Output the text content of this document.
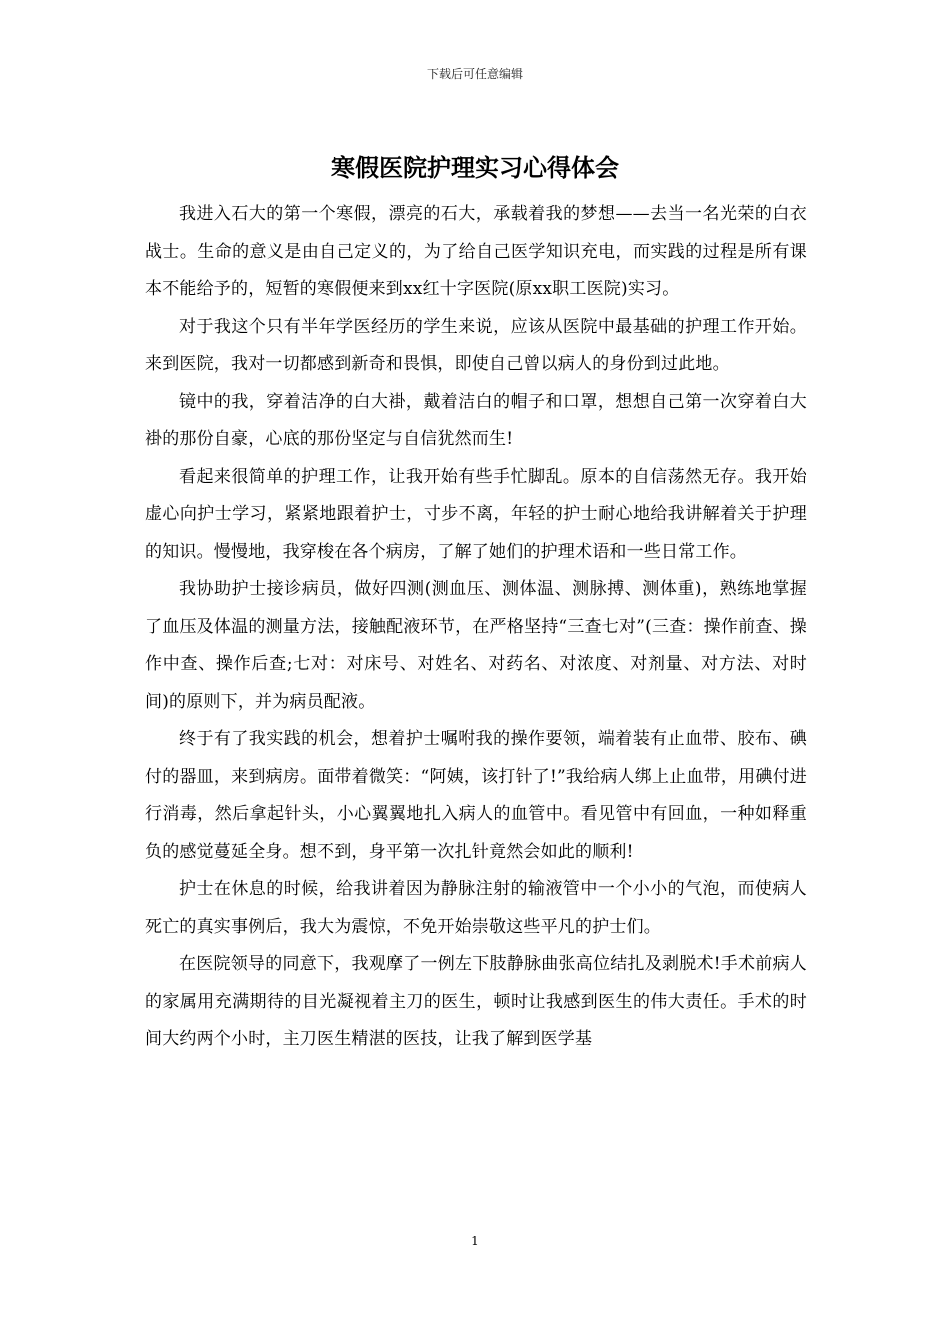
下载后可任意编辑
寒假医院护理实习心得体会

我进入石大的第一个寒假，漂亮的石大，承载着我的梦想——去当一名光荣的白衣战士。生命的意义是由自己定义的，为了给自己医学知识充电，而实践的过程是所有课本不能给予的，短暂的寒假便来到xx红十字医院(原xx职工医院)实习。

对于我这个只有半年学医经历的学生来说，应该从医院中最基础的护理工作开始。来到医院，我对一切都感到新奇和畏惧，即使自己曾以病人的身份到过此地。

镜中的我，穿着洁净的白大褂，戴着洁白的帽子和口罩，想想自己第一次穿着白大褂的那份自豪，心底的那份坚定与自信犹然而生!

看起来很简单的护理工作，让我开始有些手忙脚乱。原本的自信荡然无存。我开始虚心向护士学习，紧紧地跟着护士，寸步不离，年轻的护士耐心地给我讲解着关于护理的知识。慢慢地，我穿梭在各个病房，了解了她们的护理术语和一些日常工作。

我协助护士接诊病员，做好四测(测血压、测体温、测脉搏、测体重)，熟练地掌握了血压及体温的测量方法，接触配液环节，在严格坚持“三查七对”(三查：操作前查、操作中查、操作后查;七对：对床号、对姓名、对药名、对浓度、对剂量、对方法、对时间)的原则下，并为病员配液。

终于有了我实践的机会，想着护士嘱咐我的操作要领，端着装有止血带、胶布、碘付的器皿，来到病房。面带着微笑：“阿姨，该打针了!”我给病人绑上止血带，用碘付进行消毒，然后拿起针头，小心翼翼地扎入病人的血管中。看见管中有回血，一种如释重负的感觉蔓延全身。想不到，身平第一次扎针竟然会如此的顺利!

护士在休息的时候，给我讲着因为静脉注射的输液管中一个小小的气泡，而使病人死亡的真实事例后，我大为震惊，不免开始崇敬这些平凡的护士们。

在医院领导的同意下，我观摩了一例左下肢静脉曲张高位结扎及剥脱术!手术前病人的家属用充满期待的目光凝视着主刀的医生，顿时让我感到医生的伟大责任。手术的时间大约两个小时，主刀医生精湛的医技，让我了解到医学基

1
